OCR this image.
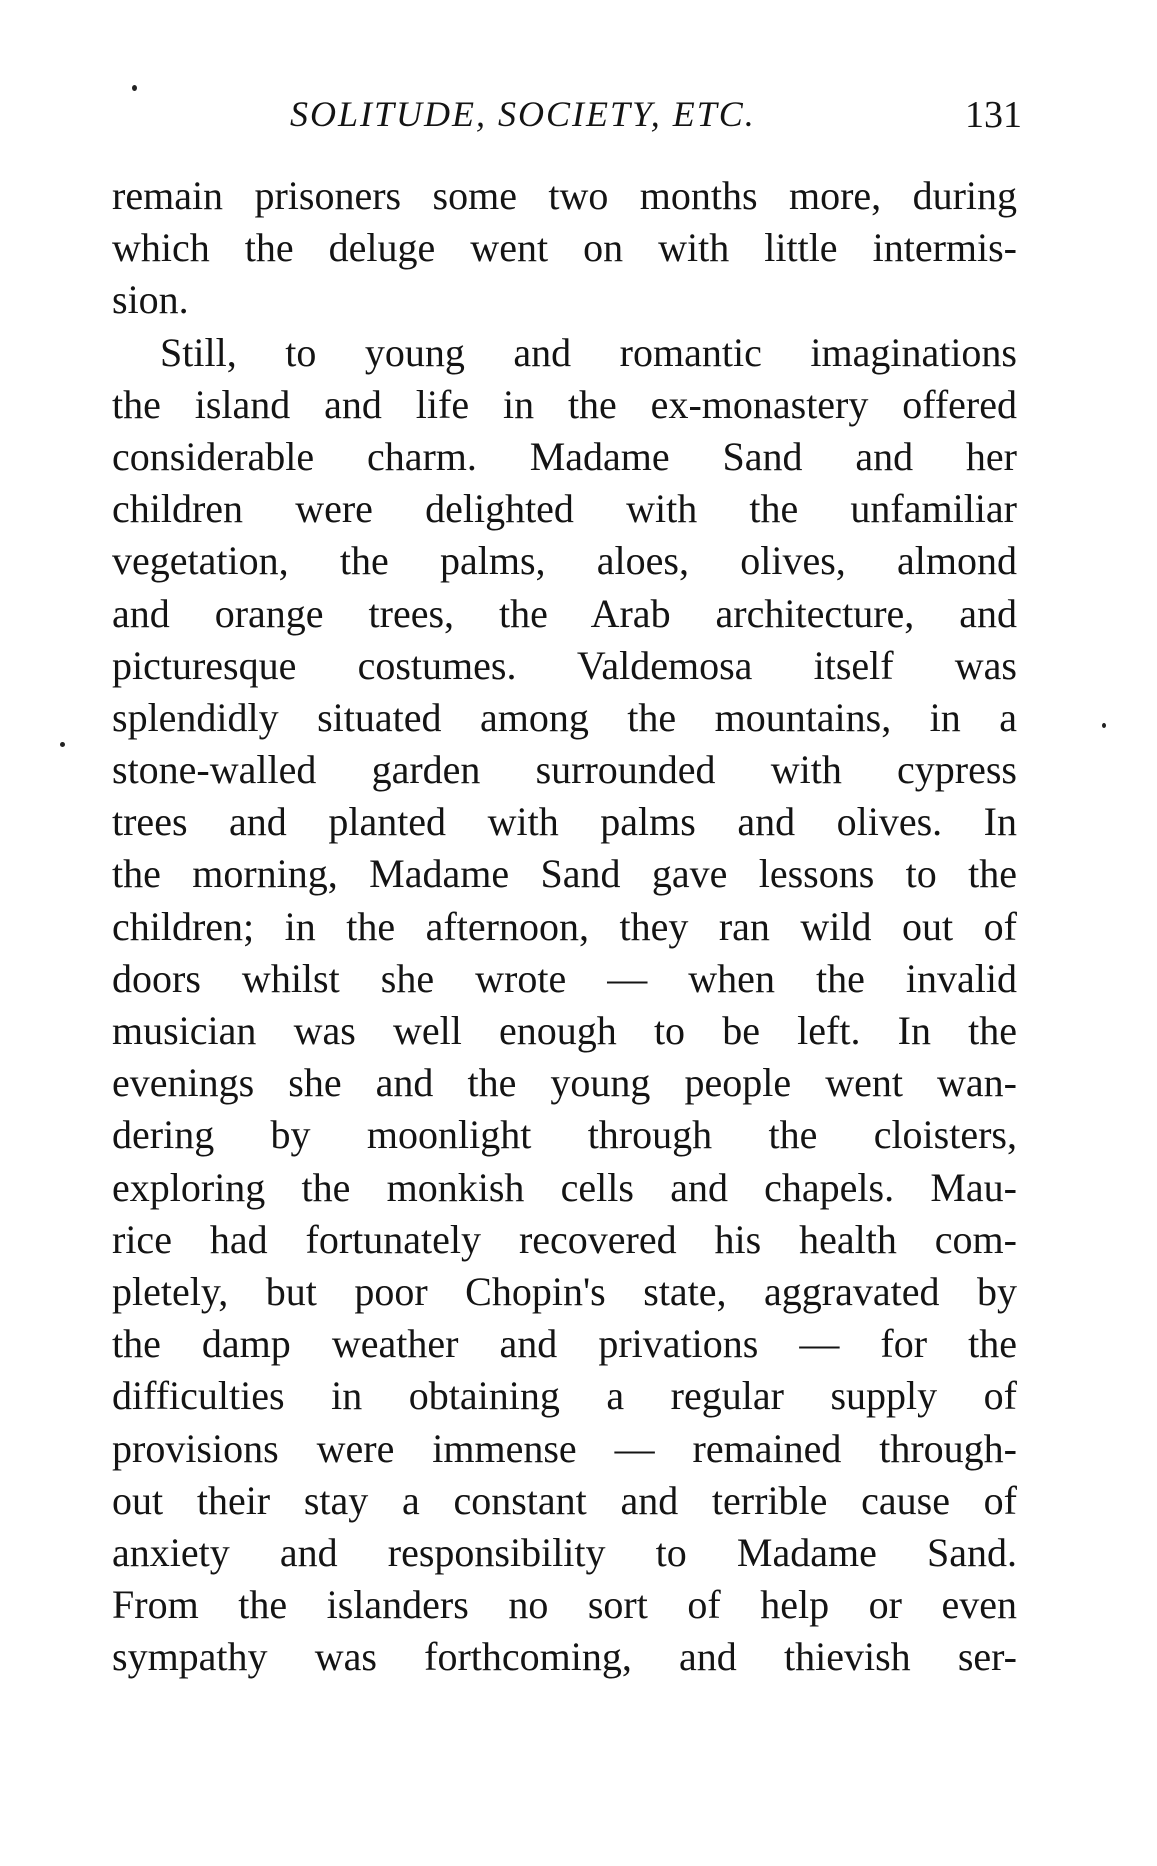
SOLITUDE, SOCIETY, ETC.	131
remain prisoners some two months more, during
which the deluge went on with little intermis-
sion.
Still, to young and romantic imaginations
the island and life in the ex-monastery offered
considerable charm. Madame Sand and her
children were delighted with the unfamiliar
vegetation, the palms, aloes, olives, almond
and orange trees, the Arab architecture, and
picturesque costumes. Valdemosa itself was
splendidly situated among the mountains, in a
stone-walled garden surrounded with cypress
trees and planted with palms and olives. In
the morning, Madame Sand gave lessons to the
children; in the afternoon, they ran wild out of
doors whilst she wrote — when the invalid
musician was well enough to be left. In the
evenings she and the young people went wan-
dering by moonlight through the cloisters,
exploring the monkish cells and chapels. Mau-
rice had fortunately recovered his health com-
pletely, but poor Chopin's state, aggravated by
the damp weather and privations — for the
difficulties in obtaining a regular supply of
provisions were immense — remained through-
out their stay a constant and terrible cause of
anxiety and responsibility to Madame Sand.
From the islanders no sort of help or even
sympathy was forthcoming, and thievish ser-
